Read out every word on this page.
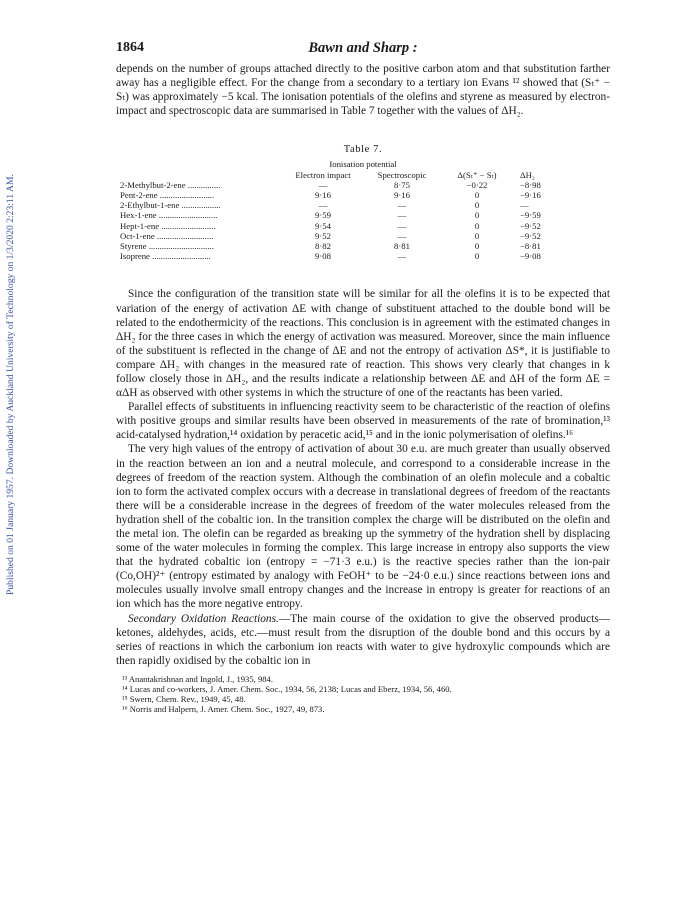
Published on 01 January 1957. Downloaded by Auckland University of Technology on 1/3/2020 2:23:11 AM.
1864	Bawn and Sharp :

depends on the number of groups attached directly to the positive carbon atom and that substitution farther away has a negligible effect. For the change from a secondary to a tertiary ion Evans ¹² showed that (Sₜ⁺ − Sₜ) was approximately −5 kcal. The ionisation potentials of the olefins and styrene as measured by electron-impact and spectroscopic data are summarised in Table 7 together with the values of ΔH₂.

Table 7.
	Ionisation potential			
	Electron impact	Spectroscopic	Δ(Sₜ⁺ − Sₜ)	ΔH₂
2-Methylbut-2-ene ...............	—	8·75	−0·22	−8·98
Pent-2-ene .........................	9·16	9·16	0	−9·16
2-Ethylbut-1-ene ..................	—	—	0	—
Hex-1-ene ...........................	9·59	—	0	−9·59
Hept-1-ene .........................	9·54	—	0	−9·52
Oct-1-ene ..........................	9·52	—	0	−9·52
Styrene ..............................	8·82	8·81	0	−8·81
Isoprene ...........................	9·08	—	0	−9·08

Since the configuration of the transition state will be similar for all the olefins it is to be expected that variation of the energy of activation ΔE with change of substituent attached to the double bond will be related to the endothermicity of the reactions. This conclusion is in agreement with the estimated changes in ΔH₂ for the three cases in which the energy of activation was measured. Moreover, since the main influence of the substituent is reflected in the change of ΔE and not the entropy of activation ΔS*, it is justifiable to compare ΔH₂ with changes in the measured rate of reaction. This shows very clearly that changes in k follow closely those in ΔH₂, and the results indicate a relationship between ΔE and ΔH of the form ΔE = αΔH as observed with other systems in which the structure of one of the reactants has been varied.

Parallel effects of substituents in influencing reactivity seem to be characteristic of the reaction of olefins with positive groups and similar results have been observed in measurements of the rate of bromination,¹³ acid-catalysed hydration,¹⁴ oxidation by peracetic acid,¹⁵ and in the ionic polymerisation of olefins.¹⁶

The very high values of the entropy of activation of about 30 e.u. are much greater than usually observed in the reaction between an ion and a neutral molecule, and correspond to a considerable increase in the degrees of freedom of the reaction system. Although the combination of an olefin molecule and a cobaltic ion to form the activated complex occurs with a decrease in translational degrees of freedom of the reactants there will be a considerable increase in the degrees of freedom of the water molecules released from the hydration shell of the cobaltic ion. In the transition complex the charge will be distributed on the olefin and the metal ion. The olefin can be regarded as breaking up the symmetry of the hydration shell by displacing some of the water molecules in forming the complex. This large increase in entropy also supports the view that the hydrated cobaltic ion (entropy = −71·3 e.u.) is the reactive species rather than the ion-pair (Co,OH)²⁺ (entropy estimated by analogy with FeOH⁺ to be −24·0 e.u.) since reactions between ions and molecules usually involve small entropy changes and the increase in entropy is greater for reactions of an ion which has the more negative entropy.

Secondary Oxidation Reactions.—The main course of the oxidation to give the observed products—ketones, aldehydes, acids, etc.—must result from the disruption of the double bond and this occurs by a series of reactions in which the carbonium ion reacts with water to give hydroxylic compounds which are then rapidly oxidised by the cobaltic ion in

¹³ Anantakrishnan and Ingold, J., 1935, 984.
¹⁴ Lucas and co-workers, J. Amer. Chem. Soc., 1934, 56, 2138; Lucas and Eberz, 1934, 56, 460.
¹⁵ Swern, Chem. Rev., 1949, 45, 48.
¹⁶ Norris and Halpern, J. Amer. Chem. Soc., 1927, 49, 873.
